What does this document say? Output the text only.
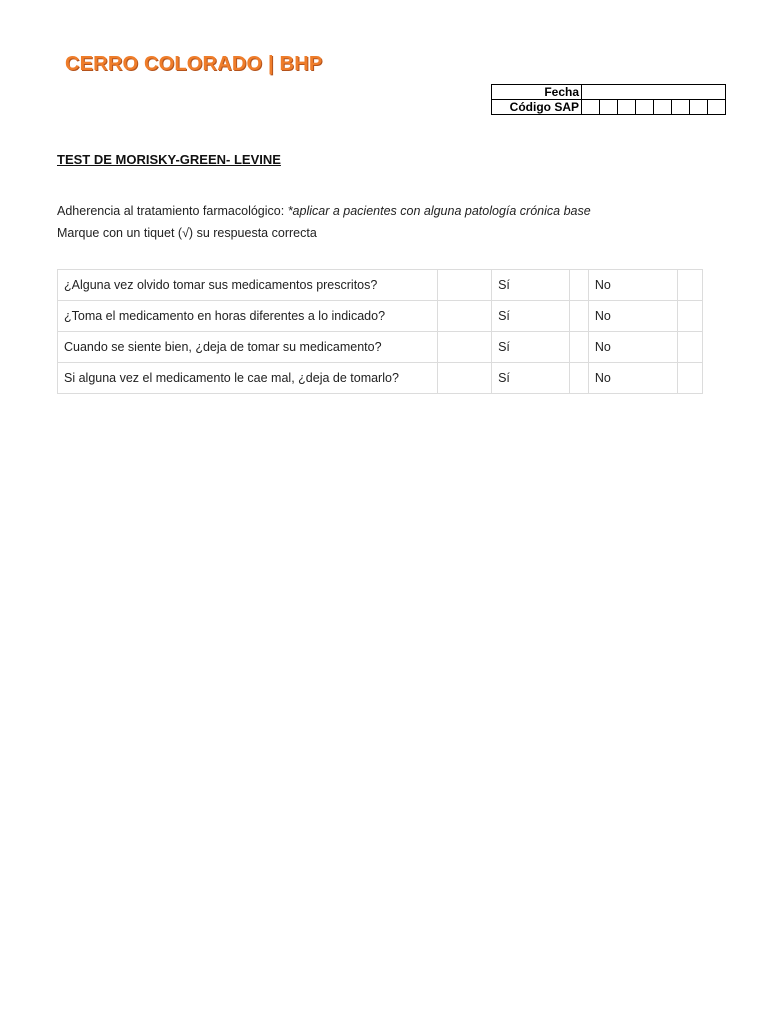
CERRO COLORADO | BHP
Fecha								
Código SAP								
TEST DE MORISKY-GREEN- LEVINE
Adherencia al tratamiento farmacológico: *aplicar a pacientes con alguna patología crónica base
Marque con un tiquet (√) su respuesta correcta
¿Alguna vez olvido tomar sus medicamentos prescritos?		Sí		No	
¿Toma el medicamento en horas diferentes a lo indicado?		Sí		No	
Cuando se siente bien, ¿deja de tomar su medicamento?		Sí		No	
Si alguna vez el medicamento le cae mal, ¿deja de tomarlo?		Sí		No	
